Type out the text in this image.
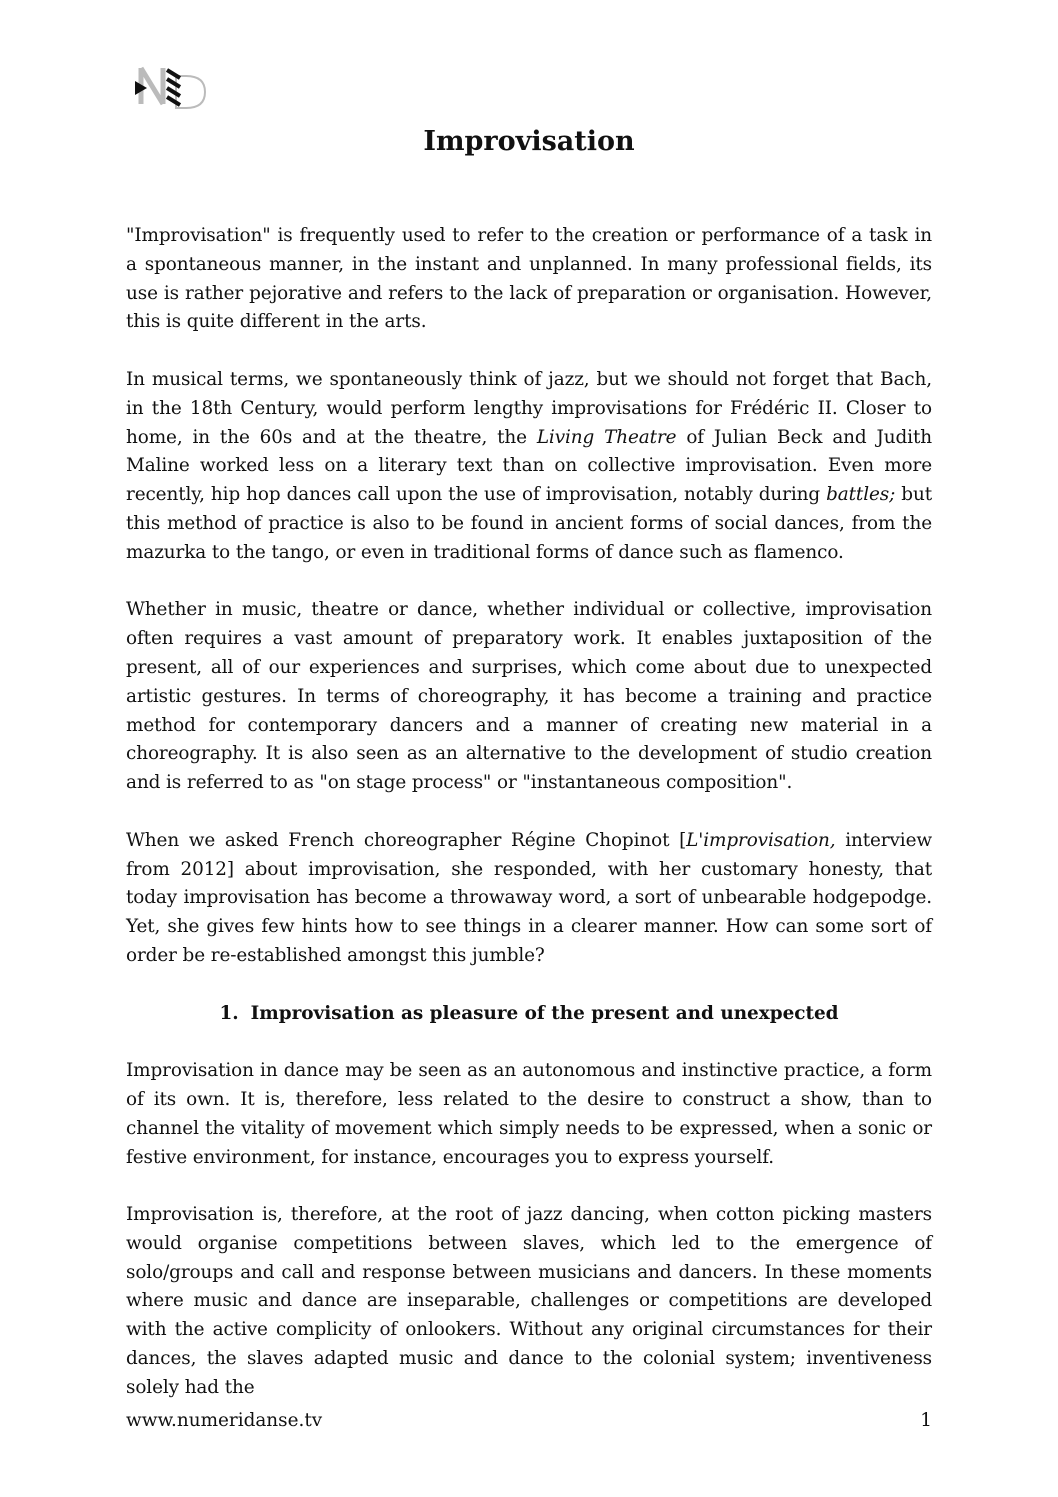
Improvisation

"Improvisation" is frequently used to refer to the creation or performance of a task in a spontaneous manner, in the instant and unplanned. In many professional fields, its use is rather pejorative and refers to the lack of preparation or organisation. However, this is quite different in the arts.

In musical terms, we spontaneously think of jazz, but we should not forget that Bach, in the 18th Century, would perform lengthy improvisations for Frédéric II. Closer to home, in the 60s and at the theatre, the Living Theatre of Julian Beck and Judith Maline worked less on a literary text than on collective improvisation. Even more recently, hip hop dances call upon the use of improvisation, notably during battles; but this method of practice is also to be found in ancient forms of social dances, from the mazurka to the tango, or even in traditional forms of dance such as flamenco.

Whether in music, theatre or dance, whether individual or collective, improvisation often requires a vast amount of preparatory work. It enables juxtaposition of the present, all of our experiences and surprises, which come about due to unexpected artistic gestures. In terms of choreography, it has become a training and practice method for contemporary dancers and a manner of creating new material in a choreography. It is also seen as an alternative to the development of studio creation and is referred to as "on stage process" or "instantaneous composition".

When we asked French choreographer Régine Chopinot [L'improvisation, interview from 2012] about improvisation, she responded, with her customary honesty, that today improvisation has become a throwaway word, a sort of unbearable hodgepodge. Yet, she gives few hints how to see things in a clearer manner. How can some sort of order be re-established amongst this jumble?

1. Improvisation as pleasure of the present and unexpected

Improvisation in dance may be seen as an autonomous and instinctive practice, a form of its own. It is, therefore, less related to the desire to construct a show, than to channel the vitality of movement which simply needs to be expressed, when a sonic or festive environment, for instance, encourages you to express yourself.

Improvisation is, therefore, at the root of jazz dancing, when cotton picking masters would organise competitions between slaves, which led to the emergence of solo/groups and call and response between musicians and dancers. In these moments where music and dance are inseparable, challenges or competitions are developed with the active complicity of onlookers. Without any original circumstances for their dances, the slaves adapted music and dance to the colonial system; inventiveness solely had the

www.numeridanse.tv	1
